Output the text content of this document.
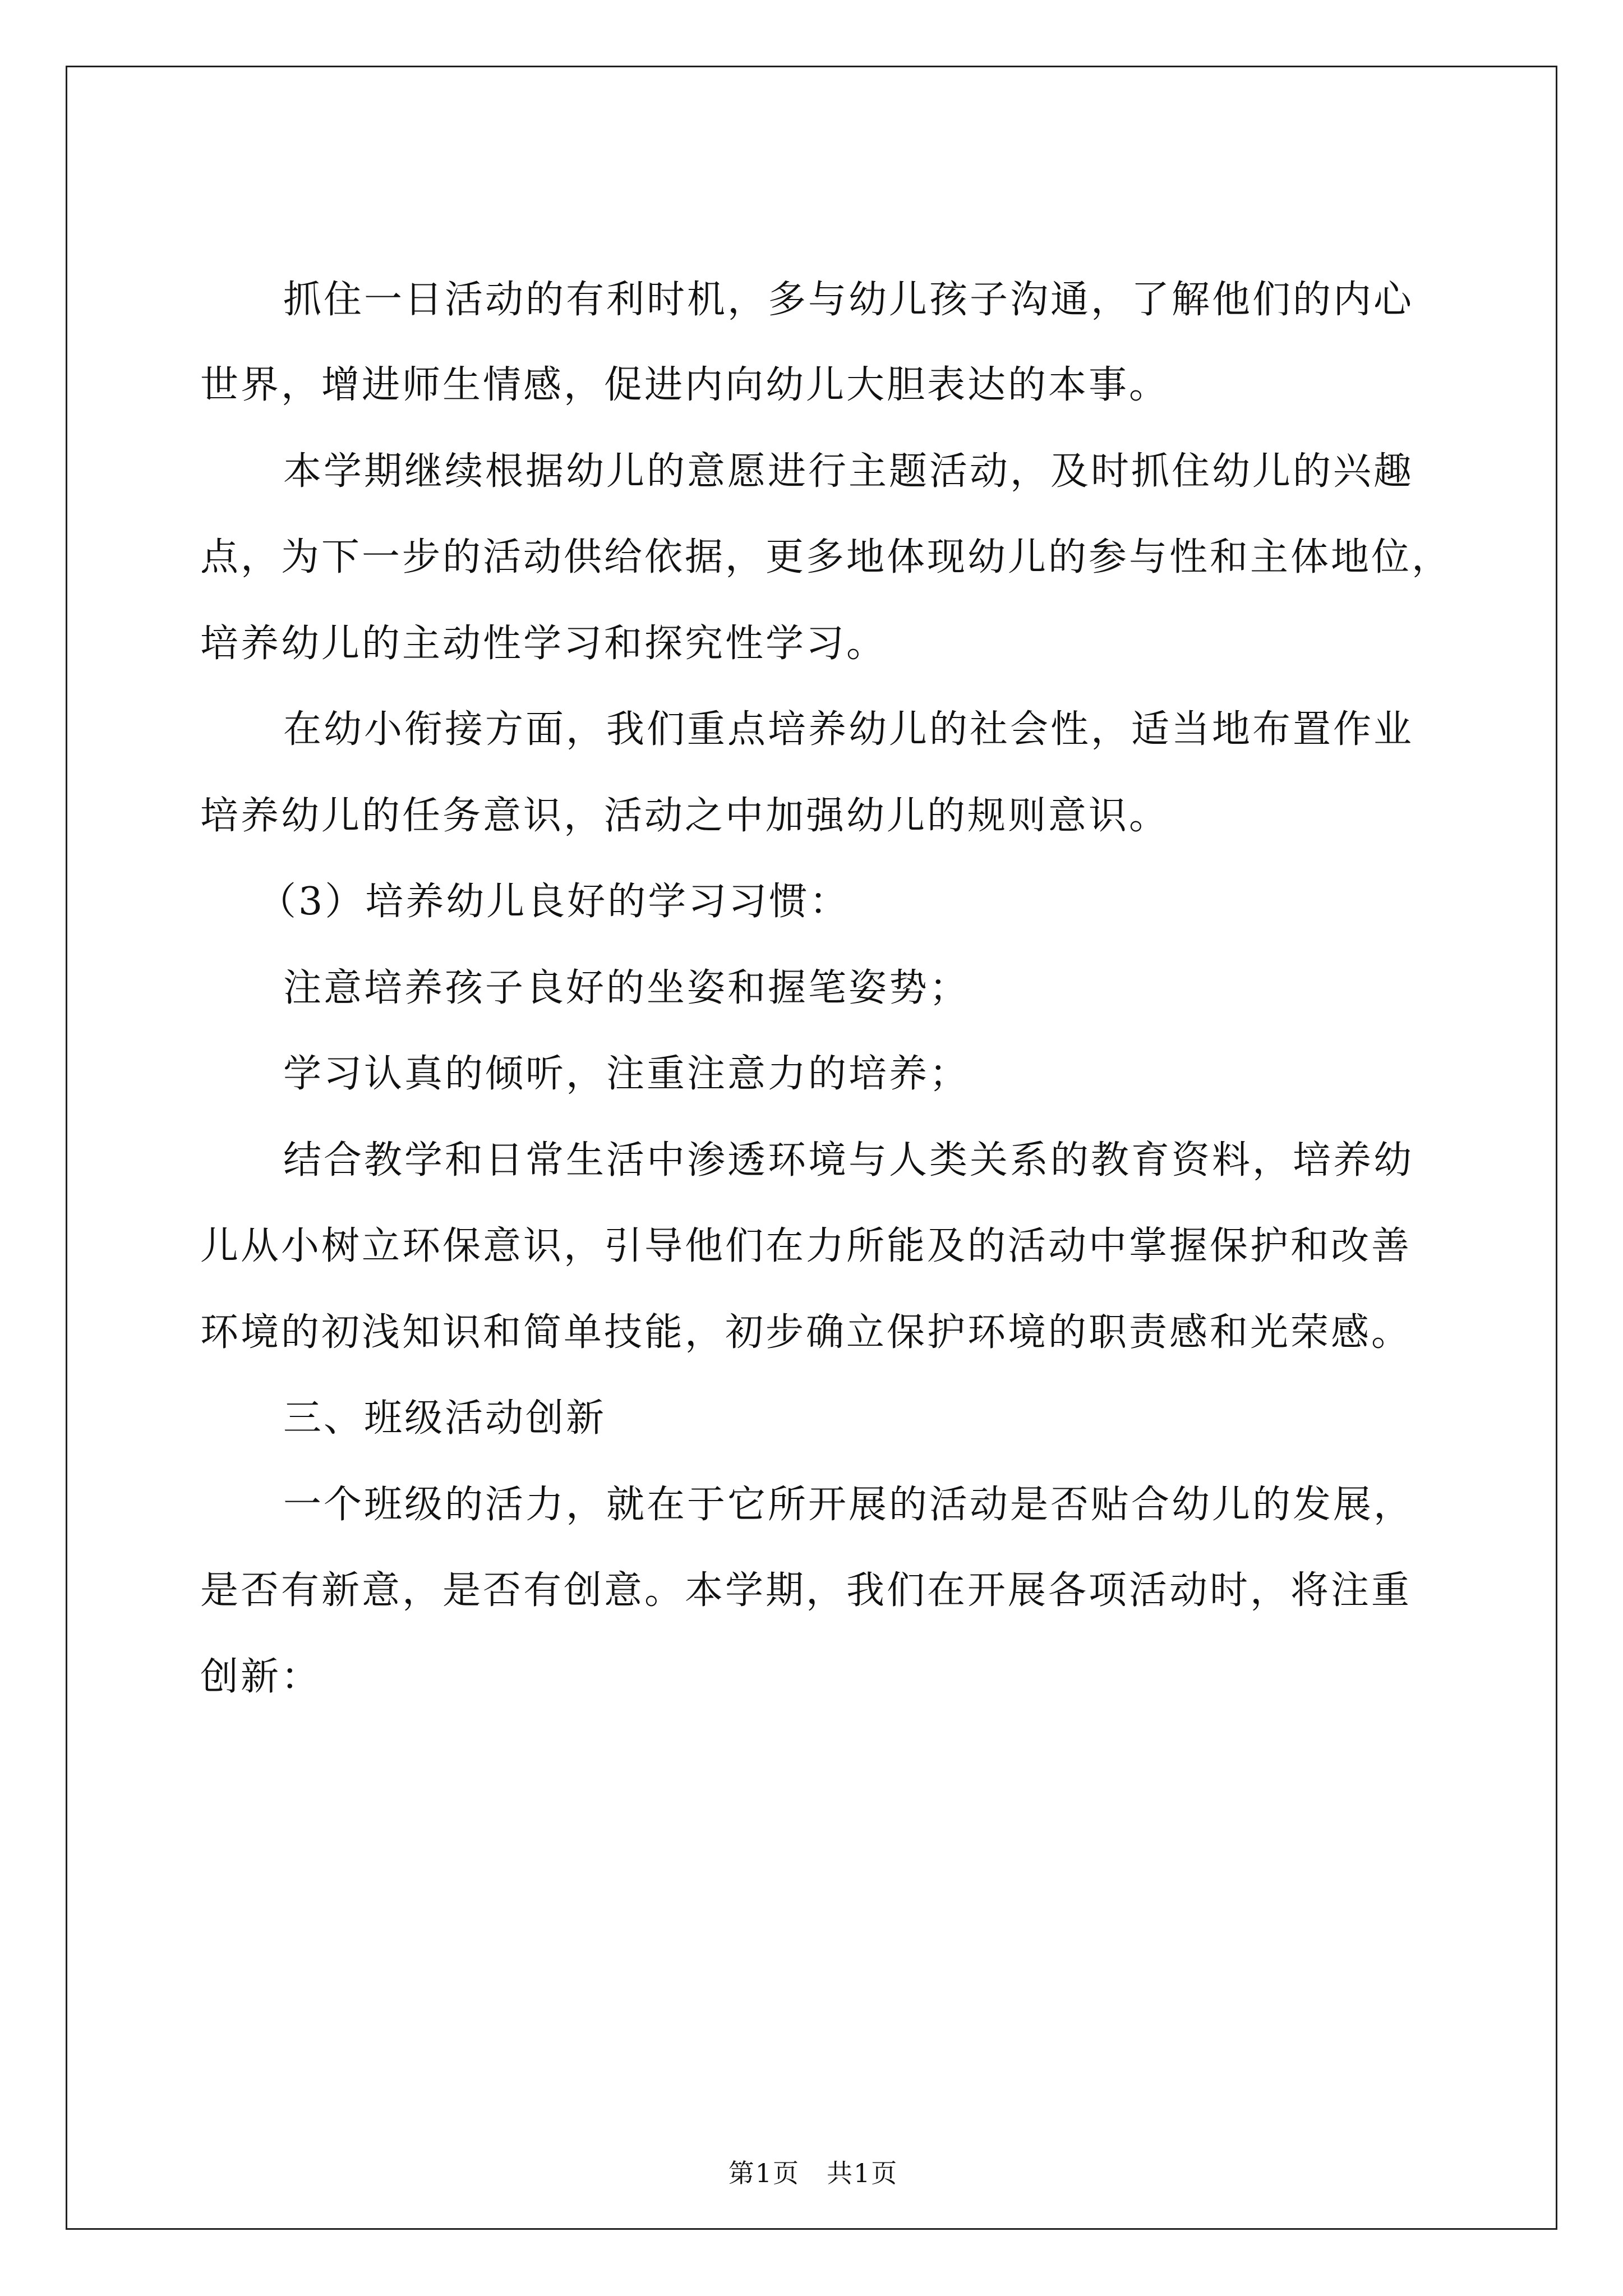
抓住一日活动的有利时机，多与幼儿孩子沟通，了解他们的内心
世界，增进师生情感，促进内向幼儿大胆表达的本事。
本学期继续根据幼儿的意愿进行主题活动，及时抓住幼儿的兴趣
点，为下一步的活动供给依据，更多地体现幼儿的参与性和主体地位，
培养幼儿的主动性学习和探究性学习。
在幼小衔接方面，我们重点培养幼儿的社会性，适当地布置作业
培养幼儿的任务意识，活动之中加强幼儿的规则意识。
（3）培养幼儿良好的学习习惯：
注意培养孩子良好的坐姿和握笔姿势；
学习认真的倾听，注重注意力的培养；
结合教学和日常生活中渗透环境与人类关系的教育资料，培养幼
儿从小树立环保意识，引导他们在力所能及的活动中掌握保护和改善
环境的初浅知识和简单技能，初步确立保护环境的职责感和光荣感。
三、班级活动创新
一个班级的活力，就在于它所开展的活动是否贴合幼儿的发展，
是否有新意，是否有创意。本学期，我们在开展各项活动时，将注重
创新：
第1页　共1页
